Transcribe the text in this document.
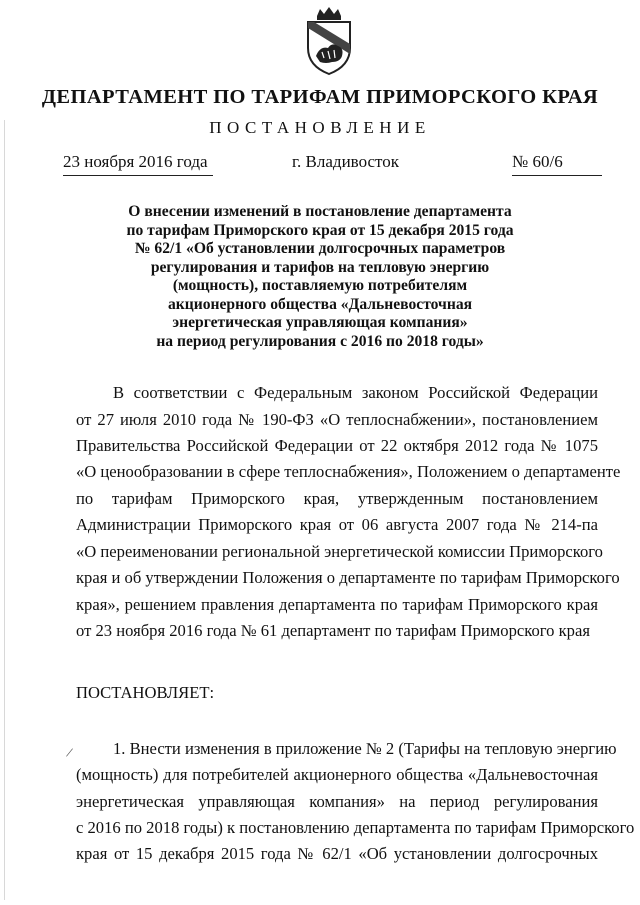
ДЕПАРТАМЕНТ ПО ТАРИФАМ ПРИМОРСКОГО КРАЯ
ПОСТАНОВЛЕНИЕ
23 ноября 2016 года	г. Владивосток	№ 60/6
О внесении изменений в постановление департамента
по тарифам Приморского края от 15 декабря 2015 года
№ 62/1 «Об установлении долгосрочных параметров
регулирования и тарифов на тепловую энергию
(мощность), поставляемую потребителям
акционерного общества «Дальневосточная
энергетическая управляющая компания»
на период регулирования с 2016 по 2018 годы»
В соответствии с Федеральным законом Российской Федерации
от 27 июля 2010 года № 190-ФЗ «О теплоснабжении», постановлением
Правительства Российской Федерации от 22 октября 2012 года № 1075
«О ценообразовании в сфере теплоснабжения», Положением о департаменте
по тарифам Приморского края, утвержденным постановлением
Администрации Приморского края от 06 августа 2007 года № 214-па
«О переименовании региональной энергетической комиссии Приморского
края и об утверждении Положения о департаменте по тарифам Приморского
края», решением правления департамента по тарифам Приморского края
от 23 ноября 2016 года № 61 департамент по тарифам Приморского края
ПОСТАНОВЛЯЕТ:
/ 1. Внести изменения в приложение № 2 (Тарифы на тепловую энергию
(мощность) для потребителей акционерного общества «Дальневосточная
энергетическая управляющая компания» на период регулирования
с 2016 по 2018 годы) к постановлению департамента по тарифам Приморского
края от 15 декабря 2015 года № 62/1 «Об установлении долгосрочных
